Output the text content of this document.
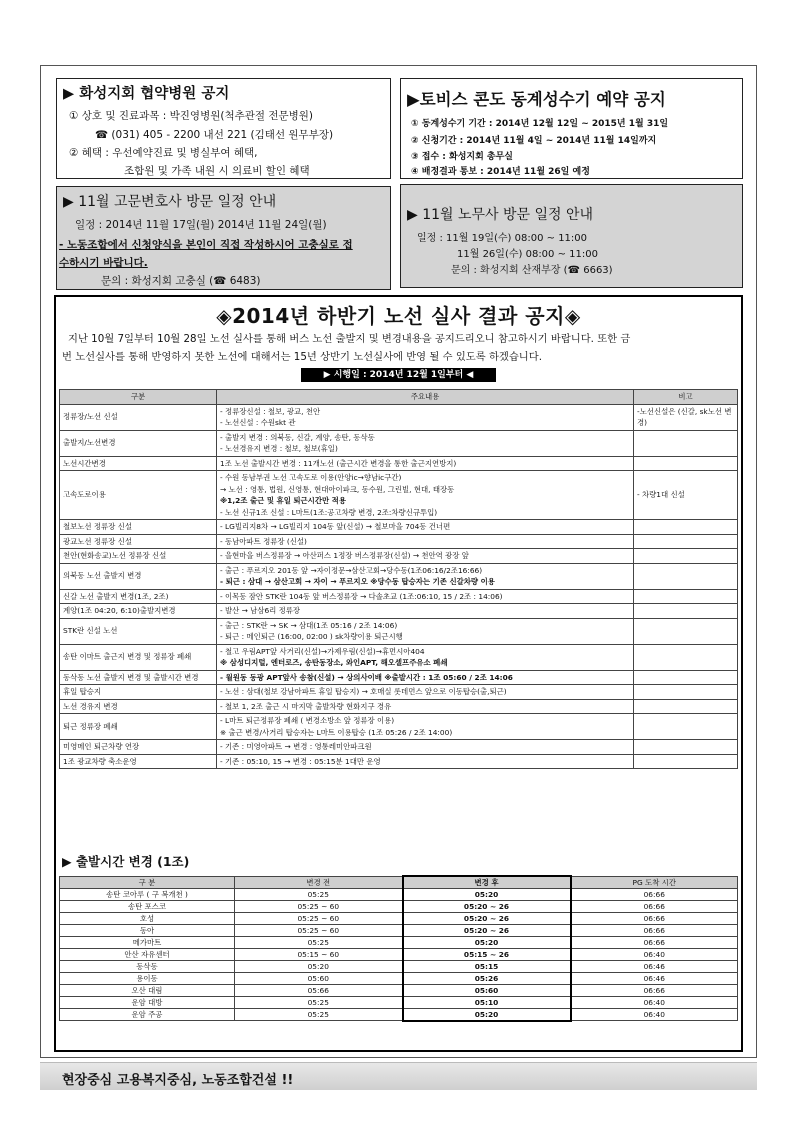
▶ 화성지회 협약병원 공지
① 상호 및 진료과목 : 박진영병원(척추관절 전문병원)
☎ (031) 405 - 2200 내선 221 (김태선 원무부장)
② 혜택 : 우선예약진료 및 병실부여 혜택,
조합원 및 가족 내원 시 의료비 할인 혜택
▶토비스 콘도 동계성수기 예약 공지
① 동계성수기 기간 : 2014년 12월 12일 ~ 2015년 1월 31일
② 신청기간 : 2014년 11월 4일 ~ 2014년 11월 14일까지
③ 접수 : 화성지회 총무실
④ 배정결과 통보 : 2014년 11월 26일 예정
▶ 11월 고문변호사 방문 일정 안내
일정 : 2014년 11월 17일(월) 2014년 11월 24일(월)
- 노동조합에서 신청양식을 본인이 직접 작성하시어 고충실로 접
수하시기 바랍니다.
문의 : 화성지회 고충실 (☎ 6483)
▶ 11월 노무사 방문 일정 안내
일정 : 11월 19일(수) 08:00 ~ 11:00
11월 26일(수) 08:00 ~ 11:00
문의 : 화성지회 산재부장 (☎ 6663)
◈2014년 하반기 노선 실사 결과 공지◈
지난 10월 7일부터 10월 28일 노선 실사를 통해 버스 노선 출발지 및 변경내용을 공지드리오니 참고하시기 바랍니다. 또한 금
번 노선실사를 통해 반영하지 못한 노선에 대해서는 15년 상반기 노선실사에 반영 될 수 있도록 하겠습니다.
▶ 시행일 : 2014년 12월 1일부터 ◀
구분	주요내용	비고
정류장/노선 신설	- 정류장신설 : 철보, 광교, 천안
- 노선신설 : 수원skt 관	-노선신설은 (신갈, sk노선 변경)
출발지/노선변경	- 출발지 변경 : 의북동, 신갈, 계양, 송탄, 동삭동
- 노선경유지 변경 : 철보, 철보(휴일)	

노선시간변경	1조 노선 출발시간 변경 : 11개노선 (출근시간 변경을 통한 출근지연방지)	

고속도로이용	- 수원 동남부권 노선 고속도로 이용(안양ic→향남ic구간)
→ 노선 : 영통, 법원, 신영통, 현대아이파크, 동수원, 그린빌, 현대, 태장동
※1,2조 출근 및 휴일 퇴근시간만 적용
- 노선 신규1조 신설 : L마트(1조:공고차량 변경, 2조:차량신규투입)	- 차량1대 신설
철보노선 정류장 신설	- LG빌리지8차 → LG빌리지 104동 앞(신설) → 철보마을 704동 건너편	

광교노선 정류장 신설	- 동남아파트 정류장 (신설)	

천안(현화송교)노선 정류장 신설	- 을현마을 버스정류장 → 아산퍼스 1정장 버스정류장(신설) → 천안역 광장 앞	

의북동 노선 출발지 변경	- 출근 : 푸르지오 201동 앞 →자이정문→삼산고회→당수동(1조06:16/2조16:66)
- 퇴근 : 삼대 → 삼산고회 → 자이 → 푸르지오 ※당수동 탑승자는 기존 신갈차량 이용	

신갈 노선 출발지 변경(1조, 2조)	- 이목동 잠안 STK란 104동 앞 버스정류장 → 다솔초교 (1조:06:10, 15 / 2조 : 14:06)	

계양(1조 04:20, 6:10)출발지변경	- 발산 → 남삼6리 정류장	

STK란 신설 노선	- 출근 : STK란 → SK → 삼대(1조 05:16 / 2조 14:06)
- 퇴근 : 메인퇴근 (16:00, 02:00 ) sk차량이용 퇴근시행	

송탄 이마트 출근지 변경 및 정류장 폐쇄	- 철고 우림APT앞 사거리(신설)→가제우림(신설)→휴먼시아404
※ 삼성디지털, 엔터로즈, 송탄동장소, 와인APT, 해오셀프주유소 폐쇄	

동삭동 노선 출발지 변경 및 출발시간 변경	- 월원동 동광 APT앞사 송참(신설) → 상의사이배 ※출발시간 : 1조 05:60 / 2조 14:06	

휴일 탑승지	- 노선 : 삼대(철보 강남아파트 휴일 탑승지) → 호매실 롯데먼스 앞으로 이동탑승(출,퇴근)	

노선 경유지 변경	- 철보 1, 2조 출근 시 마지막 출발차량 현화지구 경유	

퇴근 정류장 폐쇄	- L마트 퇴근정류장 폐쇄 ( 변경소방소 앞 정류장 이용)
※ 출근 변경/사거리 탑승자는 L마트 이용탑승 (1조 05:26 / 2조 14:00)	

미영메인 퇴근차량 연장	- 기존 : 미영아파트 → 변경 : 영통레미안파크원	

1조 광교차량 축소운영	- 기존 : 05:10, 15 → 변경 : 05:15분 1대만 운영	

▶ 출발시간 변경 (1조)
구 분	변경 전	변경 후	PG 도착 시간
송탄 코아루 ( 구 복개천 )	05:25	05:20	06:66
송탄 포스코	05:25 ~ 60	05:20 ~ 26	06:66
호성	05:25 ~ 60	05:20 ~ 26	06:66
동아	05:25 ~ 60	05:20 ~ 26	06:66
메가마트	05:25	05:20	06:66
안산 자유센터	05:15 ~ 60	05:15 ~ 26	06:40
동삭동	05:20	05:15	06:46
용이동	05:60	05:26	06:46
오산 대림	05:66	05:60	06:66
운암 대방	05:25	05:10	06:40
운암 주공	05:25	05:20	06:40
현장중심 고용복지중심, 노동조합건설 !!
